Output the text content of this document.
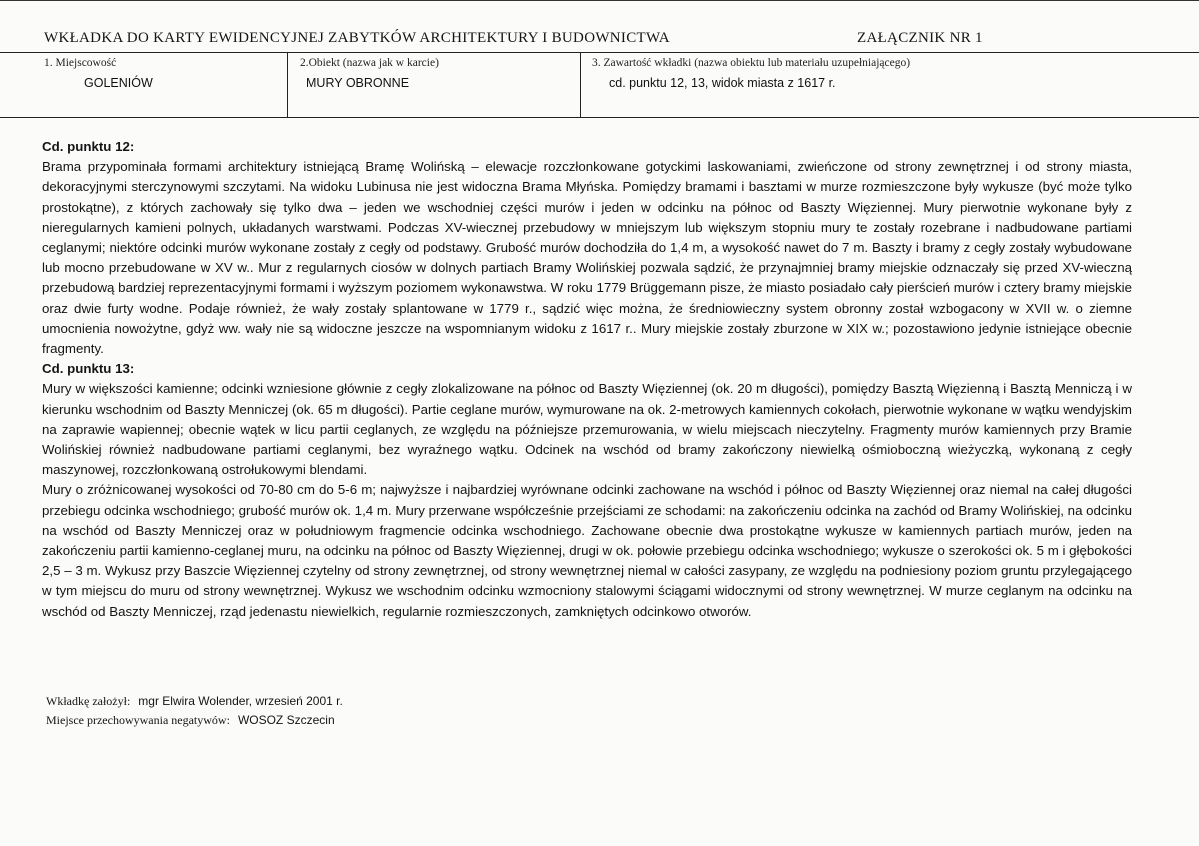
WKŁADKA DO KARTY EWIDENCYJNEJ ZABYTKÓW ARCHITEKTURY I BUDOWNICTWA	ZAŁĄCZNIK NR 1
1. Miejscowość
GOLENIÓW
2.Obiekt (nazwa jak w karcie)
MURY OBRONNE
3. Zawartość wkładki (nazwa obiektu lub materiału uzupełniającego)
cd. punktu 12, 13, widok miasta z 1617 r.

Cd. punktu 12:

Brama przypominała formami architektury istniejącą Bramę Wolińską – elewacje rozczłonkowane gotyckimi laskowaniami, zwieńczone od strony zewnętrznej i od strony miasta, dekoracyjnymi sterczynowymi szczytami. Na widoku Lubinusa nie jest widoczna Brama Młyńska. Pomiędzy bramami i basztami w murze rozmieszczone były wykusze (być może tylko prostokątne), z których zachowały się tylko dwa – jeden we wschodniej części murów i jeden w odcinku na północ od Baszty Więziennej. Mury pierwotnie wykonane były z nieregularnych kamieni polnych, układanych warstwami. Podczas XV-wiecznej przebudowy w mniejszym lub większym stopniu mury te zostały rozebrane i nadbudowane partiami ceglanymi; niektóre odcinki murów wykonane zostały z cegły od podstawy. Grubość murów dochodziła do 1,4 m, a wysokość nawet do 7 m. Baszty i bramy z cegły zostały wybudowane lub mocno przebudowane w XV w.. Mur z regularnych ciosów w dolnych partiach Bramy Wolińskiej pozwala sądzić, że przynajmniej bramy miejskie odznaczały się przed XV-wieczną przebudową bardziej reprezentacyjnymi formami i wyższym poziomem wykonawstwa. W roku 1779 Brüggemann pisze, że miasto posiadało cały pierścień murów i cztery bramy miejskie oraz dwie furty wodne. Podaje również, że wały zostały splantowane w 1779 r., sądzić więc można, że średniowieczny system obronny został wzbogacony w XVII w. o ziemne umocnienia nowożytne, gdyż ww. wały nie są widoczne jeszcze na wspomnianym widoku z 1617 r.. Mury miejskie zostały zburzone w XIX w.; pozostawiono jedynie istniejące obecnie fragmenty.

Cd. punktu 13:

Mury w większości kamienne; odcinki wzniesione głównie z cegły zlokalizowane na północ od Baszty Więziennej (ok. 20 m długości), pomiędzy Basztą Więzienną i Basztą Menniczą i w kierunku wschodnim od Baszty Menniczej (ok. 65 m długości). Partie ceglane murów, wymurowane na ok. 2-metrowych kamiennych cokołach, pierwotnie wykonane w wątku wendyjskim na zaprawie wapiennej; obecnie wątek w licu partii ceglanych, ze względu na późniejsze przemurowania, w wielu miejscach nieczytelny. Fragmenty murów kamiennych przy Bramie Wolińskiej również nadbudowane partiami ceglanymi, bez wyraźnego wątku. Odcinek na wschód od bramy zakończony niewielką ośmioboczną wieżyczką, wykonaną z cegły maszynowej, rozczłonkowaną ostrołukowymi blendami.

Mury o zróżnicowanej wysokości od 70-80 cm do 5-6 m; najwyższe i najbardziej wyrównane odcinki zachowane na wschód i północ od Baszty Więziennej oraz niemal na całej długości przebiegu odcinka wschodniego; grubość murów ok. 1,4 m. Mury przerwane współcześnie przejściami ze schodami: na zakończeniu odcinka na zachód od Bramy Wolińskiej, na odcinku na wschód od Baszty Menniczej oraz w południowym fragmencie odcinka wschodniego. Zachowane obecnie dwa prostokątne wykusze w kamiennych partiach murów, jeden na zakończeniu partii kamienno-ceglanej muru, na odcinku na północ od Baszty Więziennej, drugi w ok. połowie przebiegu odcinka wschodniego; wykusze o szerokości ok. 5 m i głębokości 2,5 – 3 m. Wykusz przy Baszcie Więziennej czytelny od strony zewnętrznej, od strony wewnętrznej niemal w całości zasypany, ze względu na podniesiony poziom gruntu przylegającego w tym miejscu do muru od strony wewnętrznej. Wykusz we wschodnim odcinku wzmocniony stalowymi ściągami widocznymi od strony wewnętrznej. W murze ceglanym na odcinku na wschód od Baszty Menniczej, rząd jedenastu niewielkich, regularnie rozmieszczonych, zamkniętych odcinkowo otworów.

Wkładkę założył: mgr Elwira Wolender, wrzesień 2001 r.
Miejsce przechowywania negatywów: WOSOZ Szczecin
